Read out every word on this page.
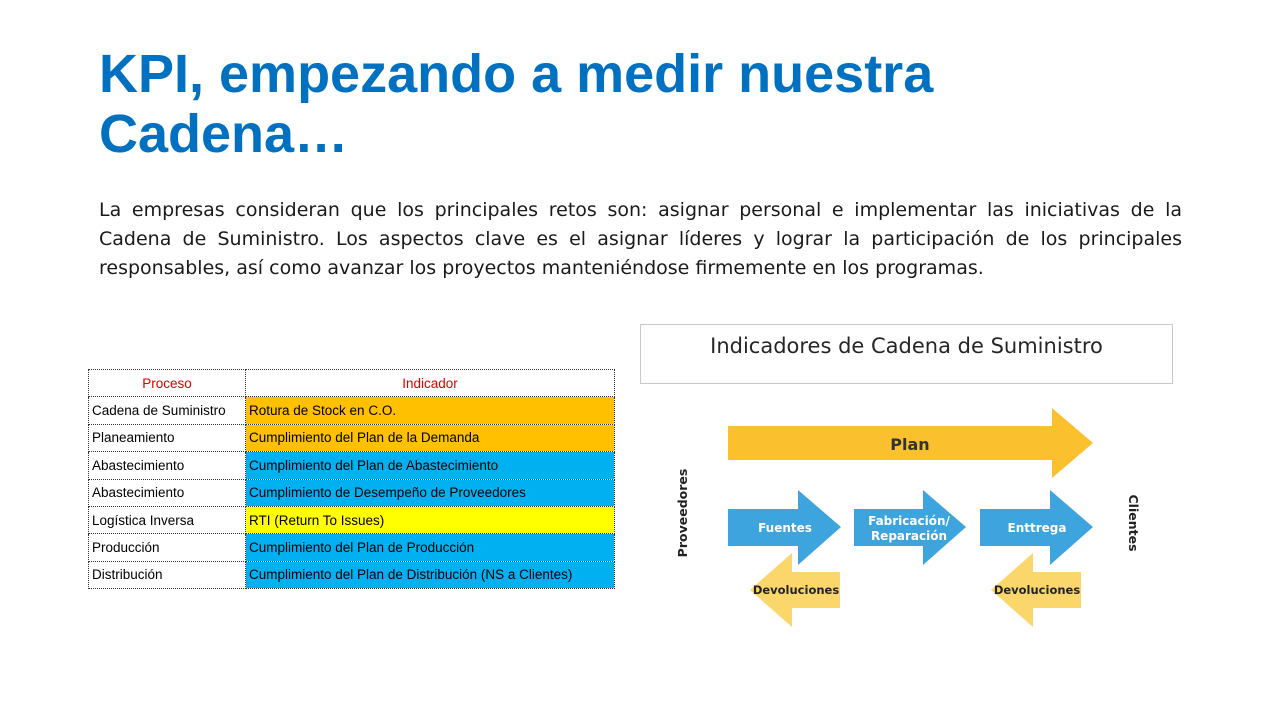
KPI, empezando a medir nuestra Cadena…

La empresas consideran que los principales retos son: asignar personal e implementar las iniciativas de la Cadena de Suministro. Los aspectos clave es el asignar líderes y lograr la participación de los principales responsables, así como avanzar los proyectos manteniéndose firmemente en los programas.

Proceso	Indicador
Cadena de Suministro	Rotura de Stock en C.O.
Planeamiento	Cumplimiento del Plan de la Demanda
Abastecimiento	Cumplimiento del Plan de Abastecimiento
Abastecimiento	Cumplimiento de Desempeño de Proveedores
Logística Inversa	RTI (Return To Issues)
Producción	Cumplimiento del Plan de Producción
Distribución	Cumplimiento del Plan de Distribución (NS a Clientes)
Indicadores de Cadena de Suministro
Plan
Fuentes	Fabricación/
Reparación
Enttrega
Devoluciones	Devoluciones
Proveedores	Clientes
